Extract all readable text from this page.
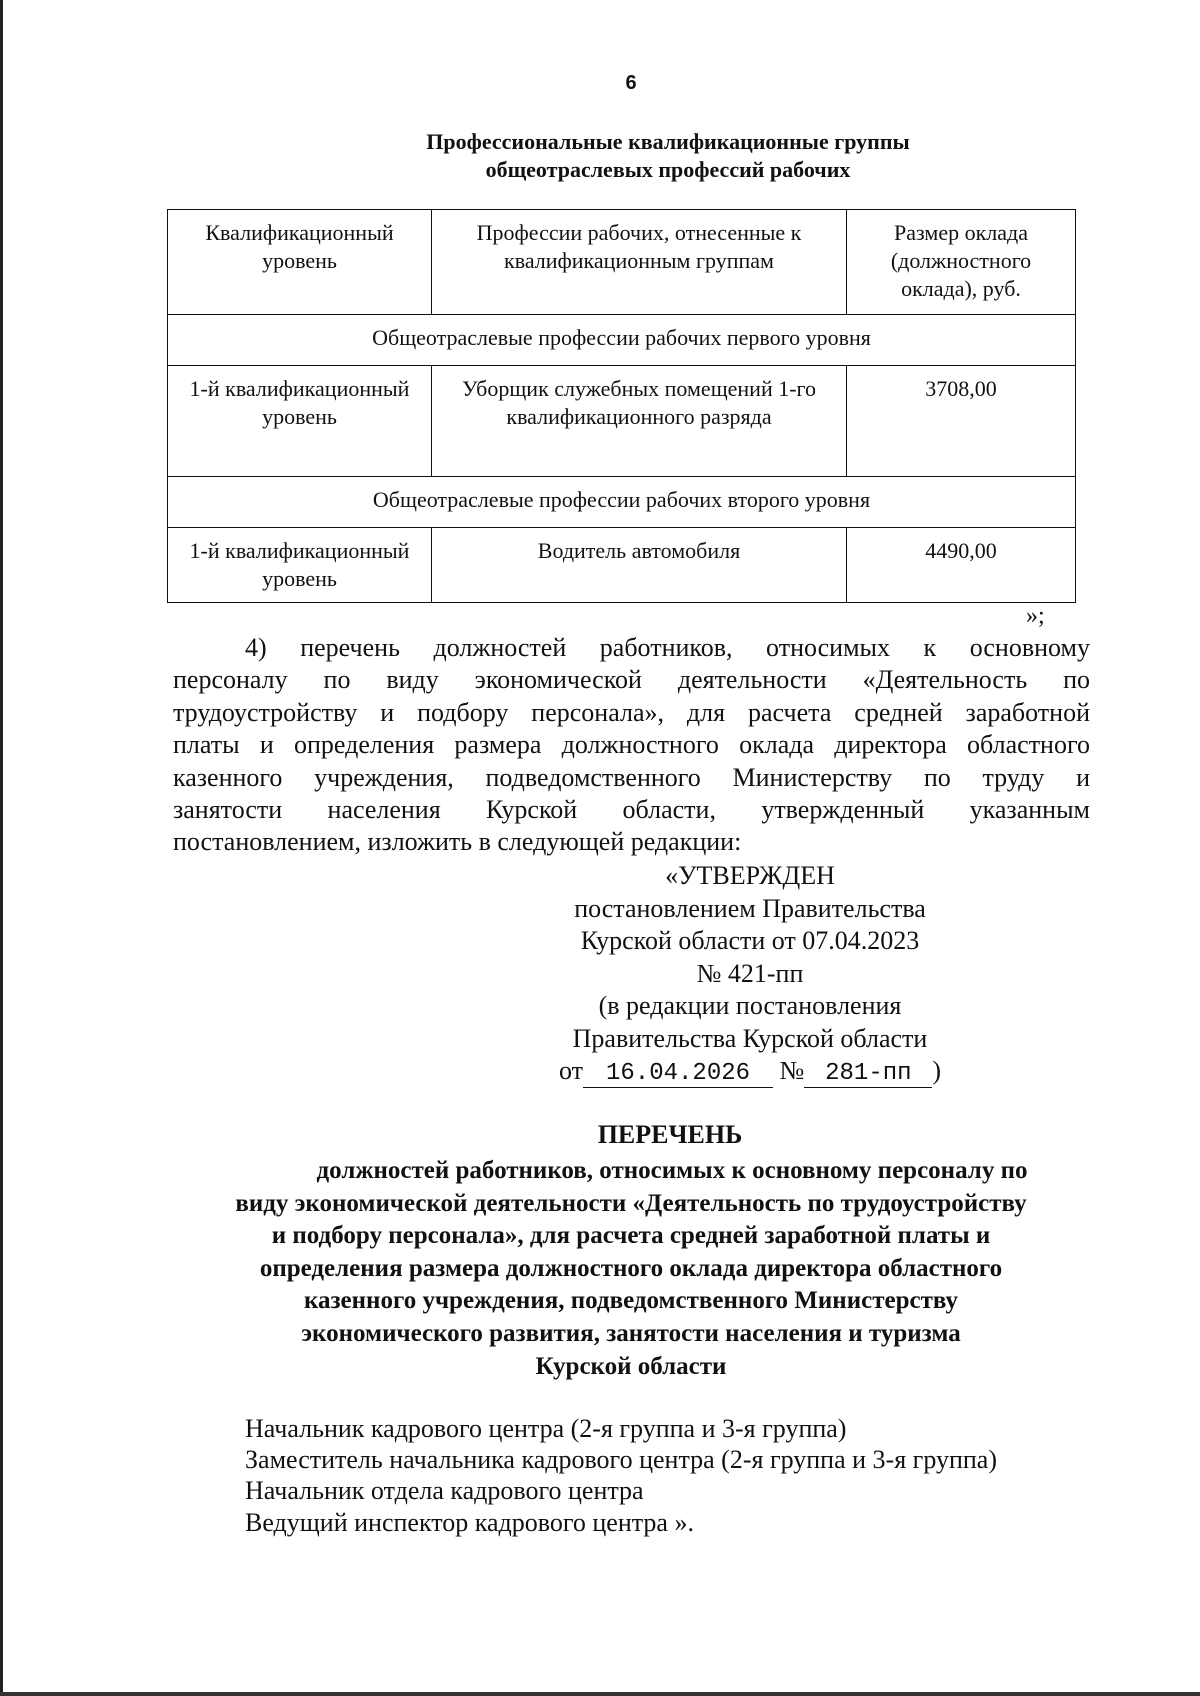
6
Профессиональные квалификационные группы
общеотраслевых профессий рабочих
Квалификационный уровень	Профессии рабочих, отнесенные к квалификационным группам	Размер оклада (должностного оклада), руб.
Общеотраслевые профессии рабочих первого уровня		
1-й квалификационный уровень	Уборщик служебных помещений 1-го квалификационного разряда	3708,00
Общеотраслевые профессии рабочих второго уровня		
1-й квалификационный уровень	Водитель автомобиля	4490,00
»;
4) перечень должностей работников, относимых к основному
персоналу по виду экономической деятельности «Деятельность по
трудоустройству и подбору персонала», для расчета средней заработной
платы и определения размера должностного оклада директора областного
казенного учреждения, подведомственного Министерству по труду и
занятости населения Курской области, утвержденный указанным
постановлением, изложить в следующей редакции:
«УТВЕРЖДЕН
постановлением Правительства
Курской области от 07.04.2023
№ 421-пп
(в редакции постановления
Правительства Курской области
от 16.04.2026 № 281-пп )
ПЕРЕЧЕНЬ
должностей работников, относимых к основному персоналу по
виду экономической деятельности «Деятельность по трудоустройству
и подбору персонала», для расчета средней заработной платы и
определения размера должностного оклада директора областного
казенного учреждения, подведомственного Министерству
экономического развития, занятости населения и туризма
Курской области
Начальник кадрового центра (2-я группа и 3-я группа)
Заместитель начальника кадрового центра (2-я группа и 3-я группа)
Начальник отдела кадрового центра
Ведущий инспектор кадрового центра ».
